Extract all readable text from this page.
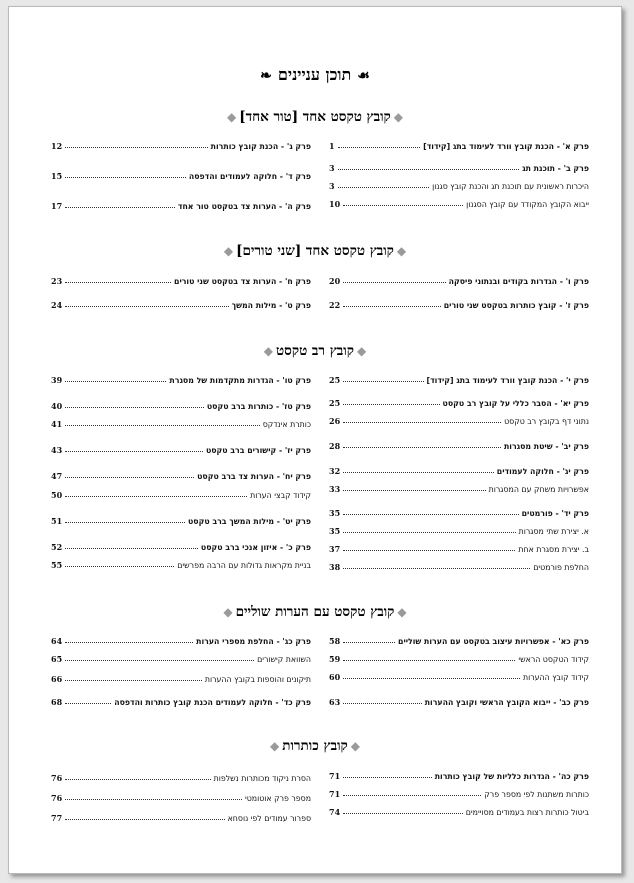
☙תוכן עניינים❧
◆קובץ טקסט אחד [טור אחד]◆
פרק א' - הכנת קובץ וורד לעימוד בתג [קידוד]
1
פרק ב' - תוכנת תג
3
היכרות ראשונית עם תוכנת תג והכנת קובץ סגנון
3
ייבוא הקובץ המקודד עם קובץ הסגנון
10
פרק ג' - הכנת קובץ כותרות
12
פרק ד' - חלוקה לעמודים והדפסה
15
פרק ה' - הערות צד בטקסט טור אחד
17
◆קובץ טקסט אחד [שני טורים]◆
פרק ו' - הגדרות בקודים ובנתוני פיסקה
20
פרק ז' - קובץ כותרות בטקסט שני טורים
22
פרק ח' - הערות צד בטקסט שני טורים
23
פרק ט' - מילות המשך
24
◆קובץ רב טקסט◆
פרק י' - הכנת קובץ וורד לעימוד בתג [קידוד]
25
פרק יא' - הסבר כללי על קובץ רב טקסט
25
נתוני דף בקובץ רב טקסט
26
פרק יב' - שיטת מסגרות
28
פרק יג' - חלוקה לעמודים
32
אפשרויות משחק עם המסגרות
33
פרק יד' - פורמטים
35
א. יצירת שתי מסגרות
35
ב. יצירת מסגרת אחת
37
החלפת פורמטים
38
פרק טו' - הגדרות מתקדמות של מסגרת
39
פרק טז' - כותרות ברב טקסט
40
כותרת אינדקס
41
פרק יז' - קישורים ברב טקסט
43
פרק יח' - הערות צד ברב טקסט
47
קידוד קבצי הערות
50
פרק יט' - מילות המשך ברב טקסט
51
פרק כ' - איזון אנכי ברב טקסט
52
בניית מקראות גדולות עם הרבה מפרשים
55
◆קובץ טקסט עם הערות שוליים◆
פרק כא' - אפשרויות עיצוב בטקסט עם הערות שוליים
58
קידוד הטקסט הראשי
59
קידוד קובץ ההערות
60
פרק כב' - ייבוא הקובץ הראשי וקובץ ההערות
63
פרק כג' - החלפת מספרי הערות
64
השוואת קישורים
65
תיקונים והוספות בקובץ ההערות
66
פרק כד' - חלוקה לעמודים הכנת קובץ כותרות והדפסה
68
◆קובץ כותרות◆
פרק כה' - הגדרות כלליות של קובץ כותרות
71
כותרות משתנות לפי מספר פרק
71
ביטול כותרות רצות בעמודים מסויימים
74
הסרת ניקוד מכותרות נשלפות
76
מספר פרק אוטומטי
76
ספרור עמודים לפי נוסחא
77
